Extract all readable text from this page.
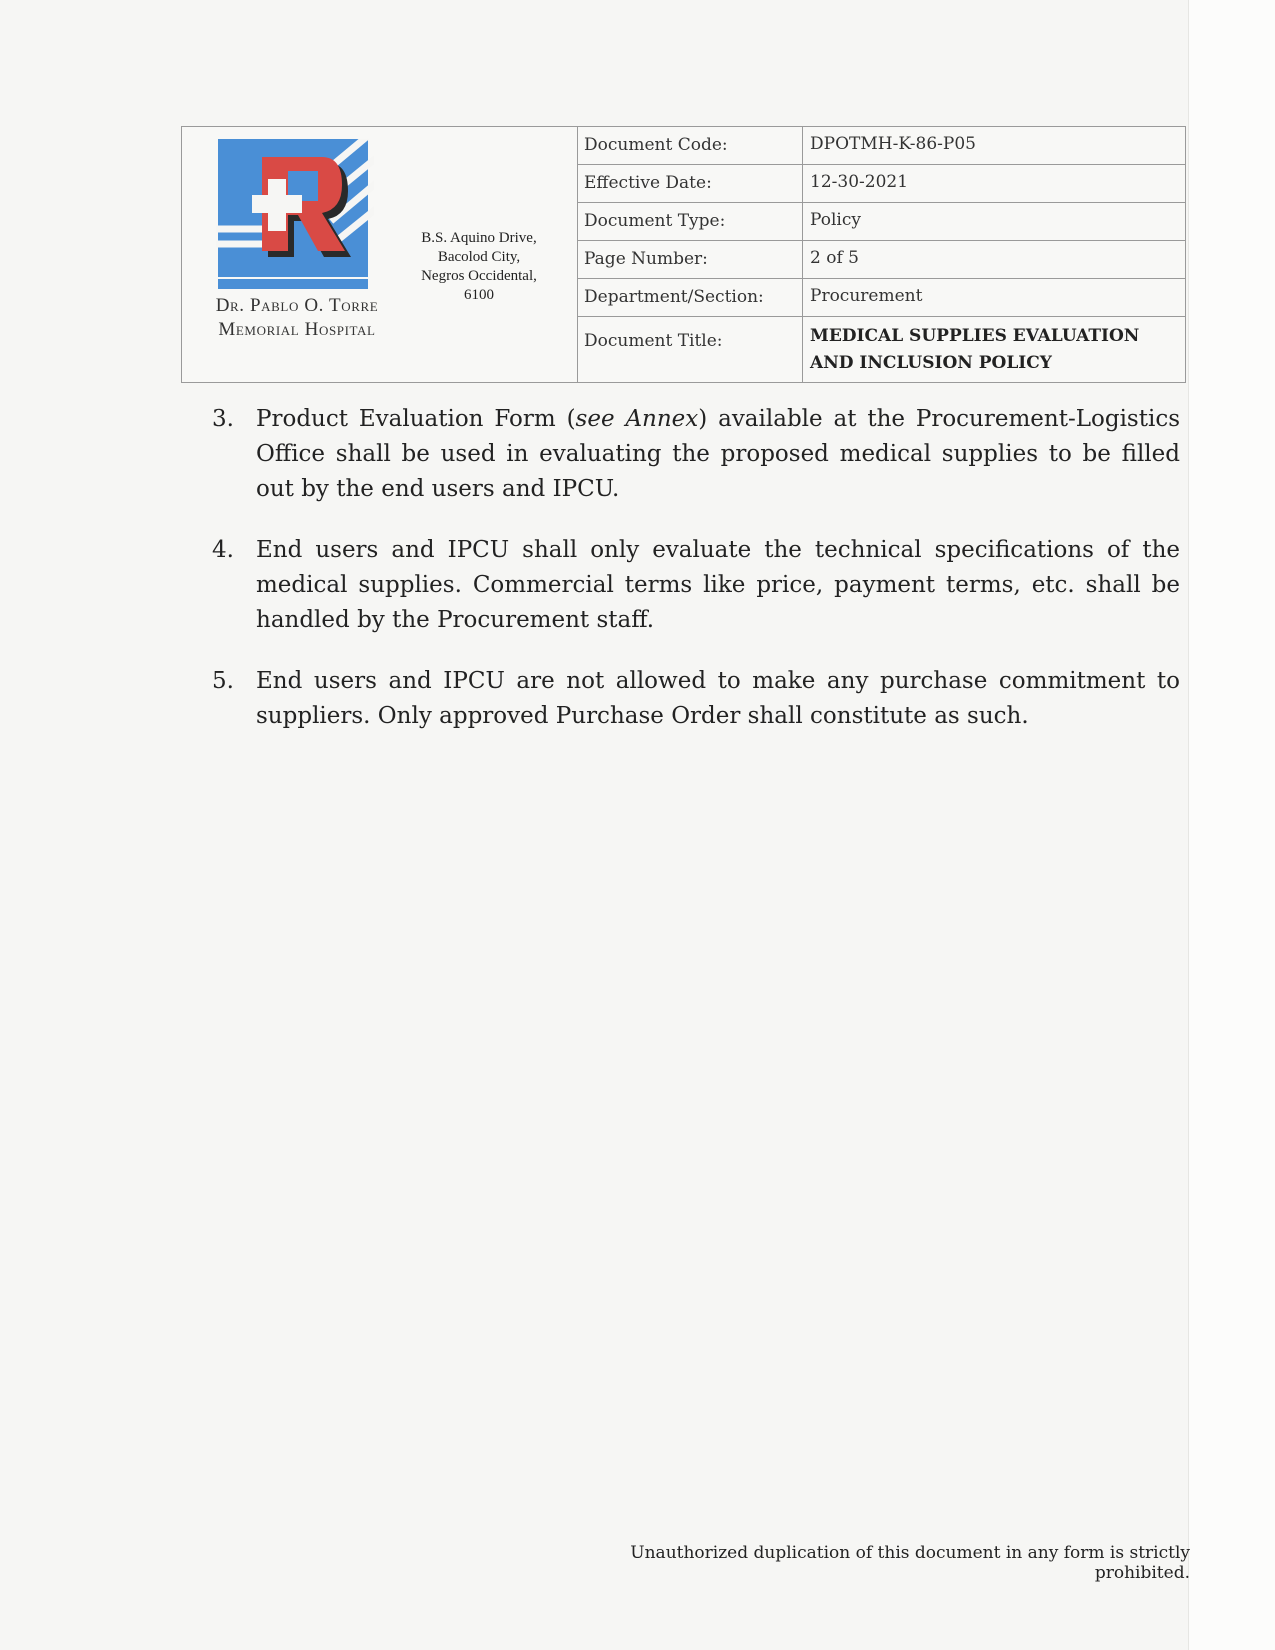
Dr. Pablo O. Torre
Memorial Hospital
B.S. Aquino Drive,
Bacolod City,
Negros Occidental,
6100
Document Code:	DPOTMH-K-86-P05
Effective Date:	12-30-2021
Document Type:	Policy
Page Number:	2 of 5
Department/Section:	Procurement
Document Title:	MEDICAL SUPPLIES EVALUATION
AND INCLUSION POLICY
3. Product Evaluation Form (see Annex) available at the Procurement-Logistics Office shall be used in evaluating the proposed medical supplies to be filled out by the end users and IPCU.
4. End users and IPCU shall only evaluate the technical specifications of the medical supplies. Commercial terms like price, payment terms, etc. shall be handled by the Procurement staff.
5. End users and IPCU are not allowed to make any purchase commitment to suppliers. Only approved Purchase Order shall constitute as such.
Unauthorized duplication of this document in any form is strictly prohibited.
